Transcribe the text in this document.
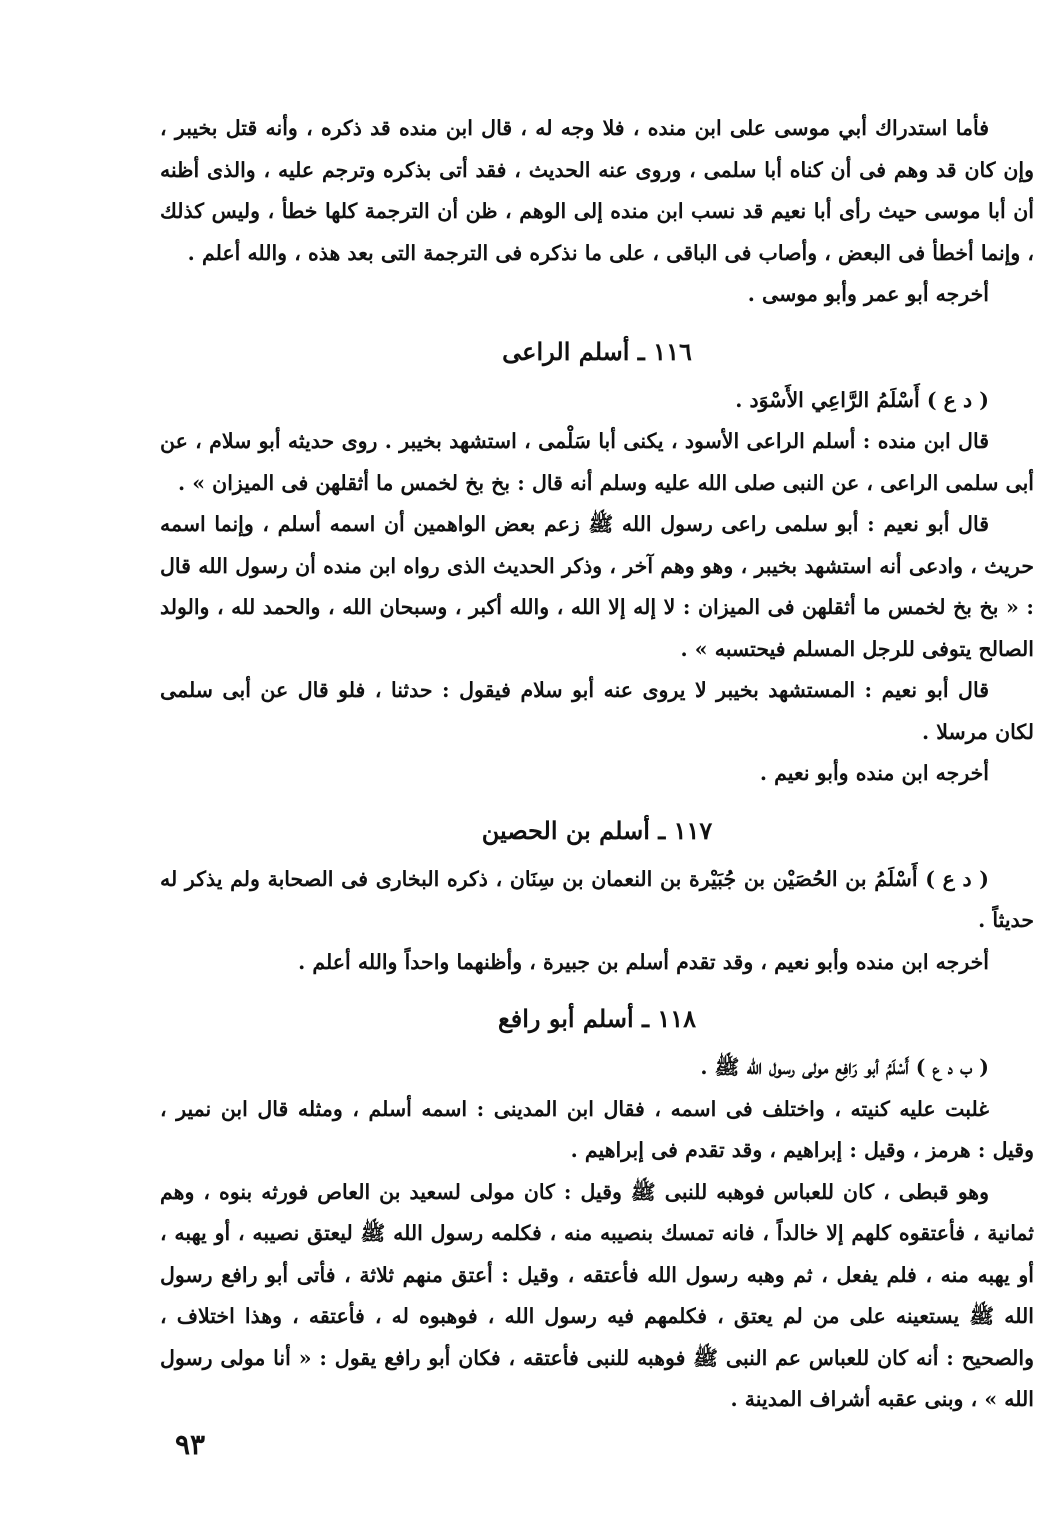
فأما استدراك أبي موسى على ابن منده ، فلا وجه له ، قال ابن منده قد ذكره ، وأنه قتل بخيبر ، وإن كان قد وهم فى أن كناه أبا سلمى ، وروى عنه الحديث ، فقد أتى بذكره وترجم عليه ، والذى أظنه أن أبا موسى حيث رأى أبا نعيم قد نسب ابن منده إلى الوهم ، ظن أن الترجمة كلها خطأ ، وليس كذلك ، وإنما أخطأ فى البعض ، وأصاب فى الباقى ، على ما نذكره فى الترجمة التى بعد هذه ، والله أعلم .

أخرجه أبو عمر وأبو موسى .

١١٦ ـ أسلم الراعى

( د ع ) أَسْلَمُ الرَّاعِي الأَسْوَد .

قال ابن منده : أسلم الراعى الأسود ، يكنى أبا سَلْمى ، استشهد بخيبر . روى حديثه أبو سلام ، عن أبى سلمى الراعى ، عن النبى صلى الله عليه وسلم أنه قال : بخ بخ لخمس ما أثقلهن فى الميزان » .

قال أبو نعيم : أبو سلمى راعى رسول الله ﷺ زعم بعض الواهمين أن اسمه أسلم ، وإنما اسمه حريث ، وادعى أنه استشهد بخيبر ، وهو وهم آخر ، وذكر الحديث الذى رواه ابن منده أن رسول الله قال : « بخ بخ لخمس ما أثقلهن فى الميزان : لا إله إلا الله ، والله أكبر ، وسبحان الله ، والحمد لله ، والولد الصالح يتوفى للرجل المسلم فيحتسبه » .

قال أبو نعيم : المستشهد بخيبر لا يروى عنه أبو سلام فيقول : حدثنا ، فلو قال عن أبى سلمى لكان مرسلا .

أخرجه ابن منده وأبو نعيم .

١١٧ ـ أسلم بن الحصين

( د ع ) أَسْلَمُ بن الحُصَيْن بن جُبَيْرة بن النعمان بن سِنَان ، ذكره البخارى فى الصحابة ولم يذكر له حديثاً .

أخرجه ابن منده وأبو نعيم ، وقد تقدم أسلم بن جبيرة ، وأظنهما واحداً والله أعلم .

١١٨ ـ أسلم أبو رافع

( ب د ع ) أَسْلَمُ أبو رَافِع مولى رسول الله ﷺ .

غلبت عليه كنيته ، واختلف فى اسمه ، فقال ابن المدينى : اسمه أسلم ، ومثله قال ابن نمير ، وقيل : هرمز ، وقيل : إبراهيم ، وقد تقدم فى إبراهيم .

وهو قبطى ، كان للعباس فوهبه للنبى ﷺ وقيل : كان مولى لسعيد بن العاص فورثه بنوه ، وهم ثمانية ، فأعتقوه كلهم إلا خالداً ، فانه تمسك بنصيبه منه ، فكلمه رسول الله ﷺ ليعتق نصيبه ، أو يهبه ، أو يهبه منه ، فلم يفعل ، ثم وهبه رسول الله فأعتقه ، وقيل : أعتق منهم ثلاثة ، فأتى أبو رافع رسول الله ﷺ يستعينه على من لم يعتق ، فكلمهم فيه رسول الله ، فوهبوه له ، فأعتقه ، وهذا اختلاف ، والصحيح : أنه كان للعباس عم النبى ﷺ فوهبه للنبى فأعتقه ، فكان أبو رافع يقول : « أنا مولى رسول الله » ، وبنى عقبه أشراف المدينة .

٩٣
